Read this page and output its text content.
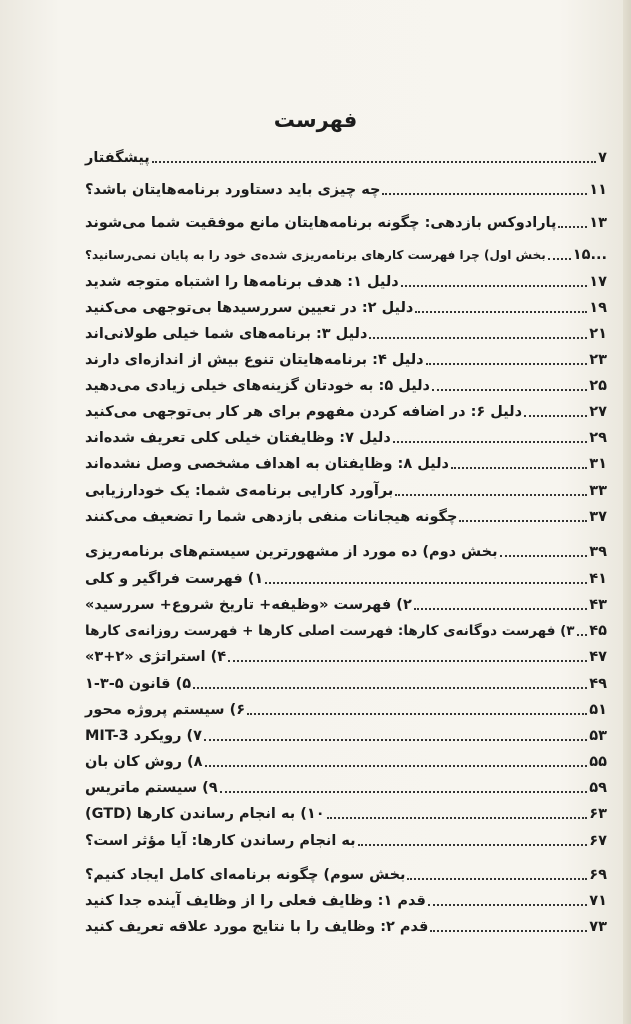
فهرست
پیشگفتار	۷
چه چیزی باید دستاورد برنامه‌هایتان باشد؟	۱۱
پارادوکس بازدهی: چگونه برنامه‌هایتان مانع موفقیت شما می‌شوند ۱۳
بخش اول) چرا فهرست کارهای برنامه‌ریزی شده‌ی خود را به پایان نمی‌رسانید؟ ...۱۵
دلیل ۱: هدف برنامه‌ها را اشتباه متوجه شدید	۱۷
دلیل ۲: در تعیین سررسیدها بی‌توجهی می‌کنید	۱۹
دلیل ۳: برنامه‌های شما خیلی طولانی‌اند	۲۱
دلیل ۴: برنامه‌هایتان تنوع بیش از اندازه‌ای دارند	۲۳
دلیل ۵: به خودتان گزینه‌های خیلی زیادی می‌دهید	۲۵
دلیل ۶: در اضافه کردن مفهوم برای هر کار بی‌توجهی می‌کنید	۲۷
دلیل ۷: وظایفتان خیلی کلی تعریف شده‌اند	۲۹
دلیل ۸: وظایفتان به اهداف مشخصی وصل نشده‌اند	۳۱
برآورد کارایی برنامه‌ی شما: یک خودارزیابی	۳۳
چگونه هیجانات منفی بازدهی شما را تضعیف می‌کنند	۳۷
بخش دوم) ده مورد از مشهورترین سیستم‌های برنامه‌ریزی	۳۹
۱) فهرست فراگیر و کلی	۴۱
۲) فهرست «وظیفه+ تاریخ شروع+ سررسید»	۴۳
۳) فهرست دوگانه‌ی کارها: فهرست اصلی کارها + فهرست روزانه‌ی کارها ۴۵
۴) استراتژی «۲+۳»	۴۷
۵) قانون ۵-۳-۱	۴۹
۶) سیستم پروژه محور	۵۱
۷) رویکرد MIT-3	۵۳
۸) روش کان بان	۵۵
۹) سیستم ماتریس	۵۹
۱۰) به انجام رساندن کارها (GTD)	۶۳
به انجام رساندن کارها: آیا مؤثر است؟	۶۷
بخش سوم) چگونه برنامه‌ای کامل ایجاد کنیم؟	۶۹
قدم ۱: وظایف فعلی را از وظایف آینده جدا کنید	۷۱
قدم ۲: وظایف را با نتایج مورد علاقه تعریف کنید	۷۳
